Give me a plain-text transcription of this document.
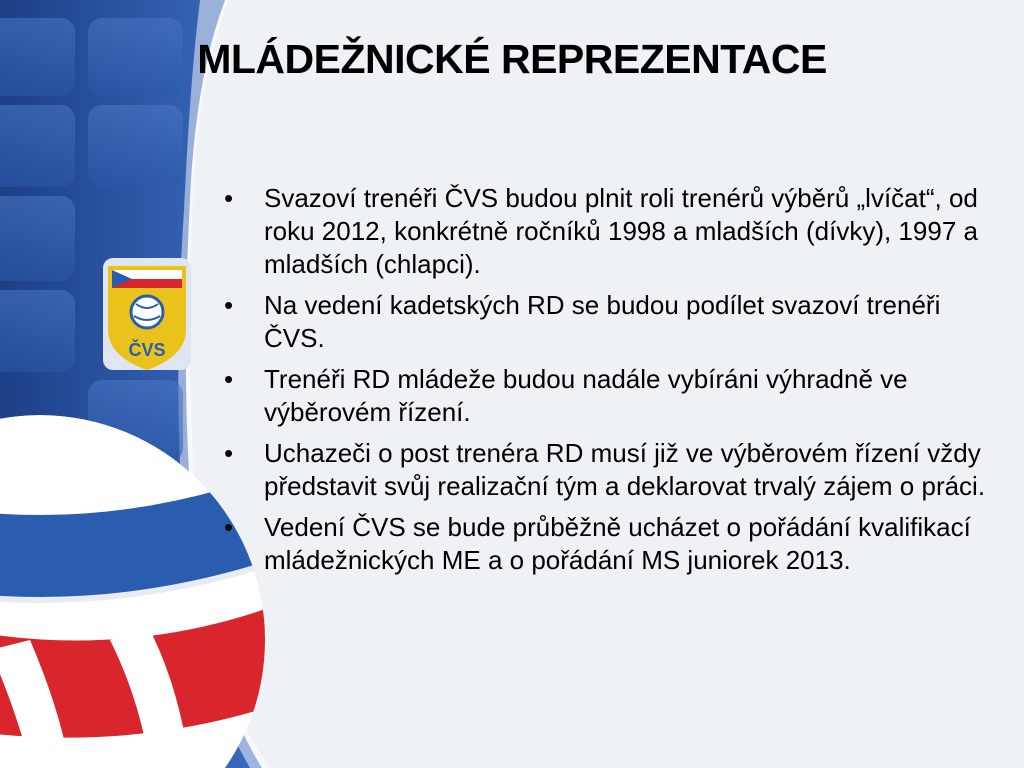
ČVS
MLÁDEŽNICKÉ REPREZENTACE
• Svazoví trenéři ČVS budou plnit roli trenérů výběrů „lvíčat“, od roku 2012, konkrétně ročníků 1998 a mladších (dívky), 1997 a mladších (chlapci).
• Na vedení kadetských RD se budou podílet svazoví trenéři ČVS.
• Trenéři RD mládeže budou nadále vybíráni výhradně ve výběrovém řízení.
• Uchazeči o post trenéra RD musí již ve výběrovém řízení vždy představit svůj realizační tým a deklarovat trvalý zájem o práci.
• Vedení ČVS se bude průběžně ucházet o pořádání kvalifikací mládežnických ME a o pořádání MS juniorek 2013.
